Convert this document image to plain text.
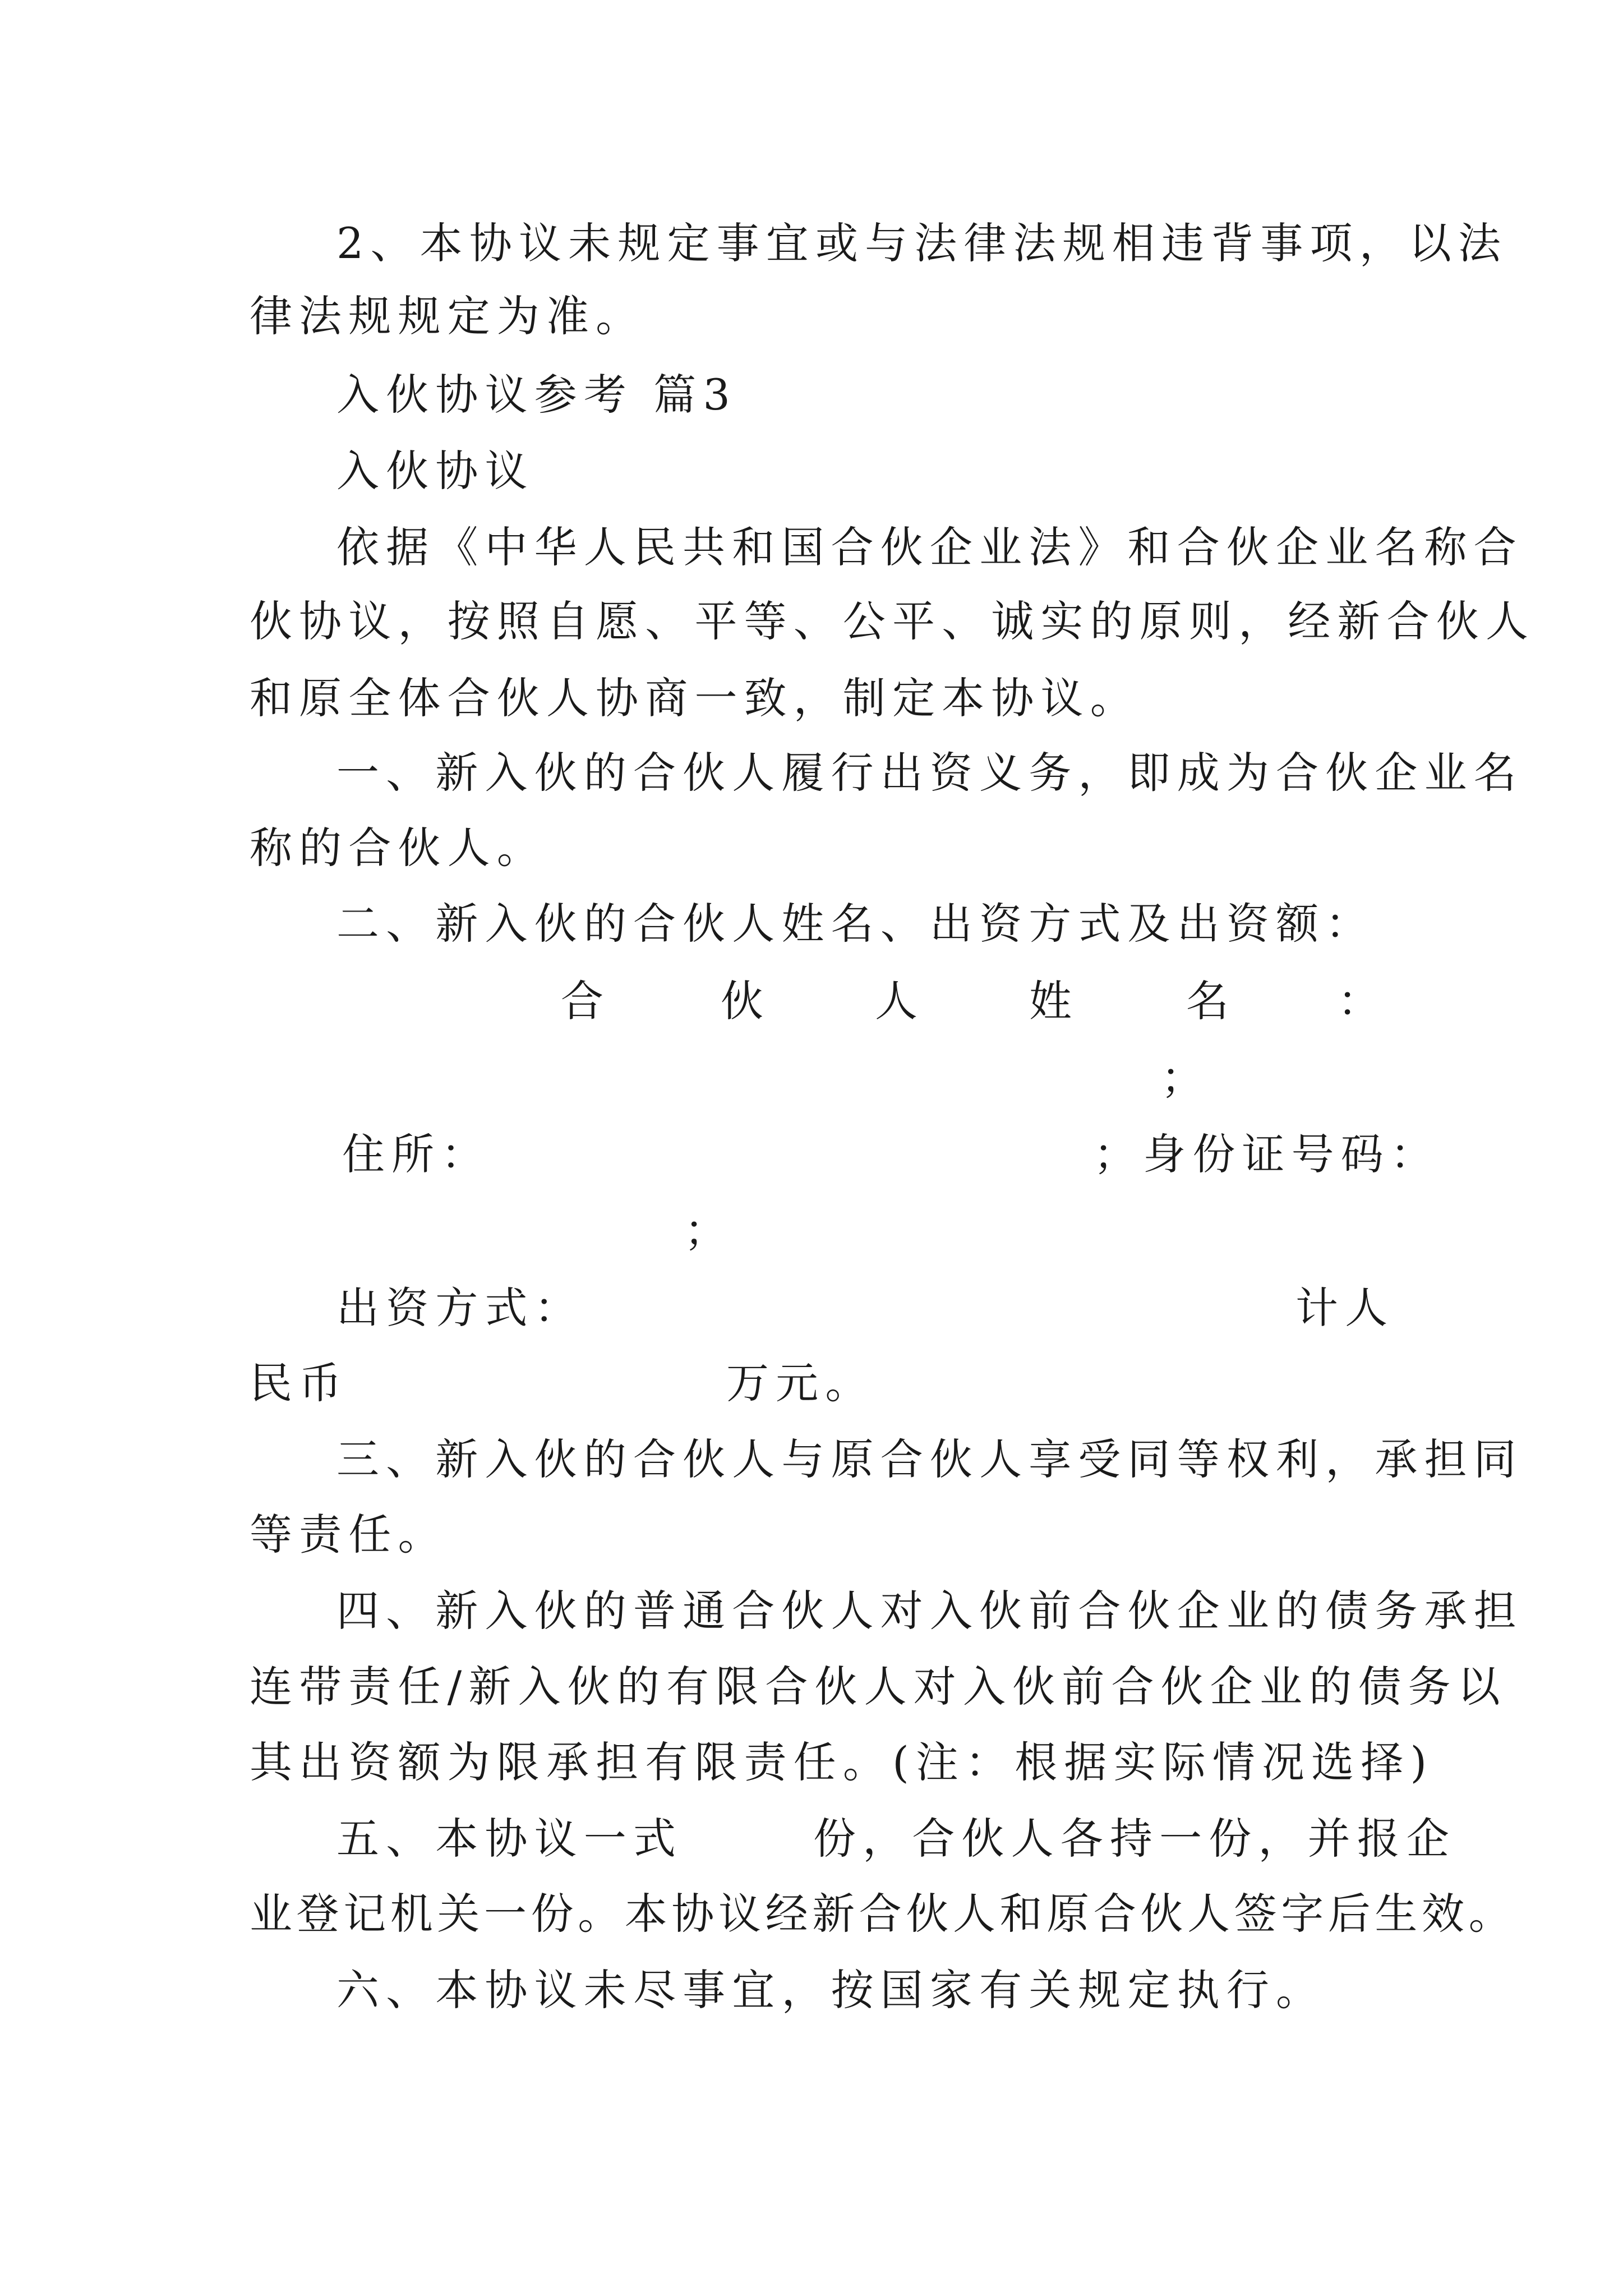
2、本协议未规定事宜或与法律法规相违背事项，以法
律法规规定为准。
入伙协议参考 篇3
入伙协议
依据《中华人民共和国合伙企业法》和合伙企业名称合
伙协议，按照自愿、平等、公平、诚实的原则，经新合伙人
和原全体合伙人协商一致，制定本协议。
一、新入伙的合伙人履行出资义务，即成为合伙企业名
称的合伙人。
二、新入伙的合伙人姓名、出资方式及出资额：
合	伙	人	姓	名	：
；
住所：	；身份证号码：
；
出资方式：	计人
民币	万元。
三、新入伙的合伙人与原合伙人享受同等权利，承担同
等责任。
四、新入伙的普通合伙人对入伙前合伙企业的债务承担
连带责任/新入伙的有限合伙人对入伙前合伙企业的债务以
其出资额为限承担有限责任。(注：根据实际情况选择)
五、本协议一式	份，合伙人各持一份，并报企
业登记机关一份。本协议经新合伙人和原合伙人签字后生效。
六、本协议未尽事宜，按国家有关规定执行。
